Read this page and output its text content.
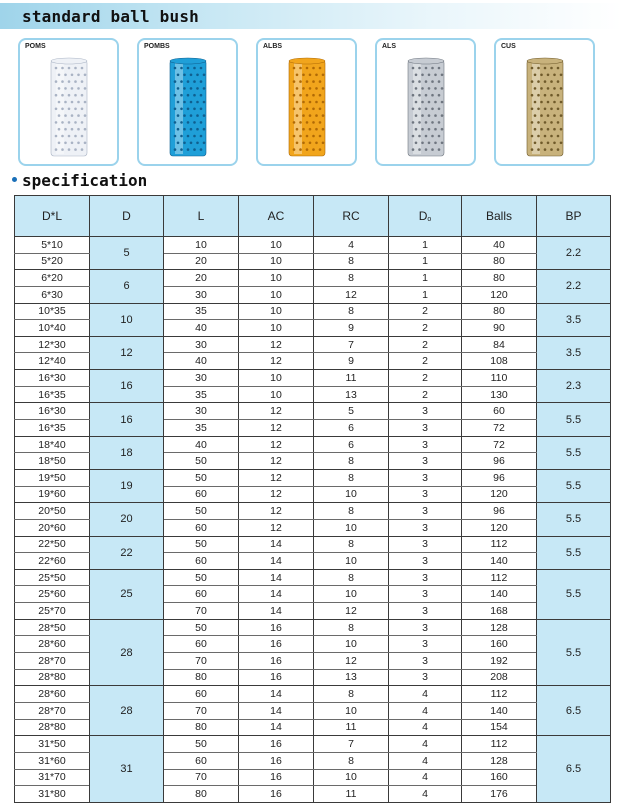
standard ball bush
POMS	POMBS	ALBS	ALS	CUS
specification
D*L	D	L	AC	RC	$D_o$	Balls	BP
5*10	5	10	10	4	1	40	2.2
5*20		20	10	8	1	80	
6*20	6	20	10	8	1	80	2.2
6*30		30	10	12	1	120	
10*35	10	35	10	8	2	80	3.5
10*40		40	10	9	2	90	
12*30	12	30	12	7	2	84	3.5
12*40		40	12	9	2	108	
16*30	16	30	10	11	2	110	2.3
16*35		35	10	13	2	130	
16*30	16	30	12	5	3	60	5.5
16*35		35	12	6	3	72	
18*40	18	40	12	6	3	72	5.5
18*50		50	12	8	3	96	
19*50	19	50	12	8	3	96	5.5
19*60		60	12	10	3	120	
20*50	20	50	12	8	3	96	5.5
20*60		60	12	10	3	120	
22*50	22	50	14	8	3	112	5.5
22*60		60	14	10	3	140	
25*50	25	50	14	8	3	112	5.5
25*60		60	14	10	3	140	
25*70		70	14	12	3	168	
28*50	28	50	16	8	3	128	5.5
28*60		60	16	10	3	160	
28*70		70	16	12	3	192	
28*80		80	16	13	3	208	
28*60	28	60	14	8	4	112	6.5
28*70		70	14	10	4	140	
28*80		80	14	11	4	154	
31*50	31	50	16	7	4	112	6.5
31*60		60	16	8	4	128	
31*70		70	16	10	4	160	
31*80		80	16	11	4	176	
